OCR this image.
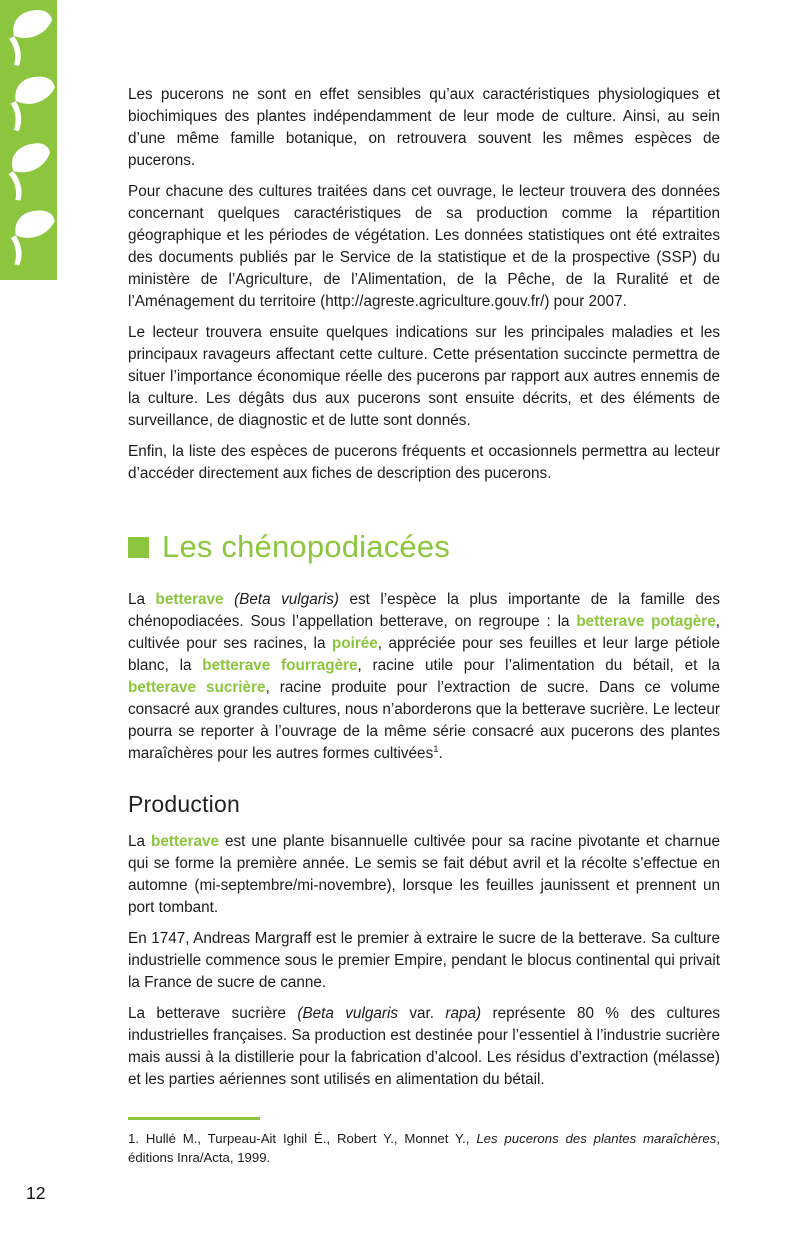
Les pucerons ne sont en effet sensibles qu’aux caractéristiques physiologiques et biochimiques des plantes indépendamment de leur mode de culture. Ainsi, au sein d’une même famille botanique, on retrouvera souvent les mêmes espèces de pucerons.

Pour chacune des cultures traitées dans cet ouvrage, le lecteur trouvera des données concernant quelques caractéristiques de sa production comme la répartition géographique et les périodes de végétation. Les données statistiques ont été extraites des documents publiés par le Service de la statistique et de la prospective (SSP) du ministère de l’Agriculture, de l’Alimentation, de la Pêche, de la Ruralité et de l’Aménagement du territoire (http://agreste.agriculture.gouv.fr/) pour 2007.

Le lecteur trouvera ensuite quelques indications sur les principales maladies et les principaux ravageurs affectant cette culture. Cette présentation succincte permettra de situer l’importance économique réelle des pucerons par rapport aux autres ennemis de la culture. Les dégâts dus aux pucerons sont ensuite décrits, et des éléments de surveillance, de diagnostic et de lutte sont donnés.

Enfin, la liste des espèces de pucerons fréquents et occasionnels permettra au lecteur d’accéder directement aux fiches de description des pucerons.

Les chénopodiacées

La betterave (Beta vulgaris) est l’espèce la plus importante de la famille des chénopodiacées. Sous l’appellation betterave, on regroupe : la betterave potagère, cultivée pour ses racines, la poirée, appréciée pour ses feuilles et leur large pétiole blanc, la betterave fourragère, racine utile pour l’alimentation du bétail, et la betterave sucrière, racine produite pour l’extraction de sucre. Dans ce volume consacré aux grandes cultures, nous n’aborderons que la betterave sucrière. Le lecteur pourra se reporter à l’ouvrage de la même série consacré aux pucerons des plantes maraîchères pour les autres formes cultivées$^1$.

Production

La betterave est une plante bisannuelle cultivée pour sa racine pivotante et charnue qui se forme la première année. Le semis se fait début avril et la récolte s’effectue en automne (mi-septembre/mi-novembre), lorsque les feuilles jaunissent et prennent un port tombant.

En 1747, Andreas Margraff est le premier à extraire le sucre de la betterave. Sa culture industrielle commence sous le premier Empire, pendant le blocus continental qui privait la France de sucre de canne.

La betterave sucrière (Beta vulgaris var. rapa) représente 80 % des cultures industrielles françaises. Sa production est destinée pour l’essentiel à l’industrie sucrière mais aussi à la distillerie pour la fabrication d’alcool. Les résidus d’extraction (mélasse) et les parties aériennes sont utilisés en alimentation du bétail.

1. Hullé M., Turpeau-Ait Ighil É., Robert Y., Monnet Y., Les pucerons des plantes maraîchères, éditions Inra/Acta, 1999.

12
